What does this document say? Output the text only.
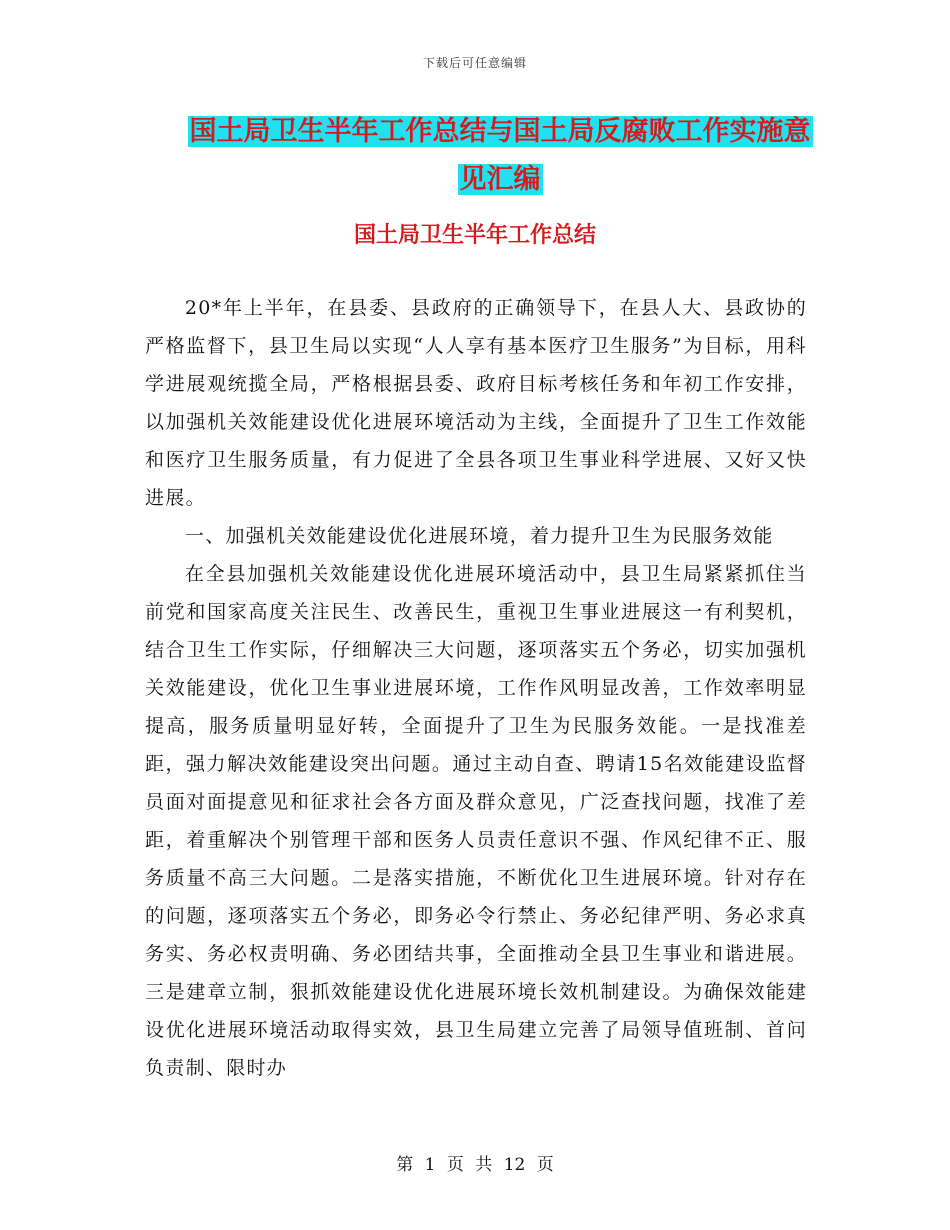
下载后可任意编辑
国土局卫生半年工作总结与国土局反腐败工作实施意
见汇编
国土局卫生半年工作总结

20*年上半年，在县委、县政府的正确领导下，在县人大、县政协的严格监督下，县卫生局以实现“人人享有基本医疗卫生服务”为目标，用科学进展观统揽全局，严格根据县委、政府目标考核任务和年初工作安排，以加强机关效能建设优化进展环境活动为主线，全面提升了卫生工作效能和医疗卫生服务质量，有力促进了全县各项卫生事业科学进展、又好又快进展。

一、加强机关效能建设优化进展环境，着力提升卫生为民服务效能

在全县加强机关效能建设优化进展环境活动中，县卫生局紧紧抓住当前党和国家高度关注民生、改善民生，重视卫生事业进展这一有利契机，结合卫生工作实际，仔细解决三大问题，逐项落实五个务必，切实加强机关效能建设，优化卫生事业进展环境，工作作风明显改善，工作效率明显提高，服务质量明显好转，全面提升了卫生为民服务效能。一是找准差距，强力解决效能建设突出问题。通过主动自查、聘请15名效能建设监督员面对面提意见和征求社会各方面及群众意见，广泛查找问题，找准了差距，着重解决个别管理干部和医务人员责任意识不强、作风纪律不正、服务质量不高三大问题。二是落实措施，不断优化卫生进展环境。针对存在的问题，逐项落实五个务必，即务必令行禁止、务必纪律严明、务必求真务实、务必权责明确、务必团结共事，全面推动全县卫生事业和谐进展。三是建章立制，狠抓效能建设优化进展环境长效机制建设。为确保效能建设优化进展环境活动取得实效，县卫生局建立完善了局领导值班制、首问负责制、限时办

第 1 页 共 12 页
